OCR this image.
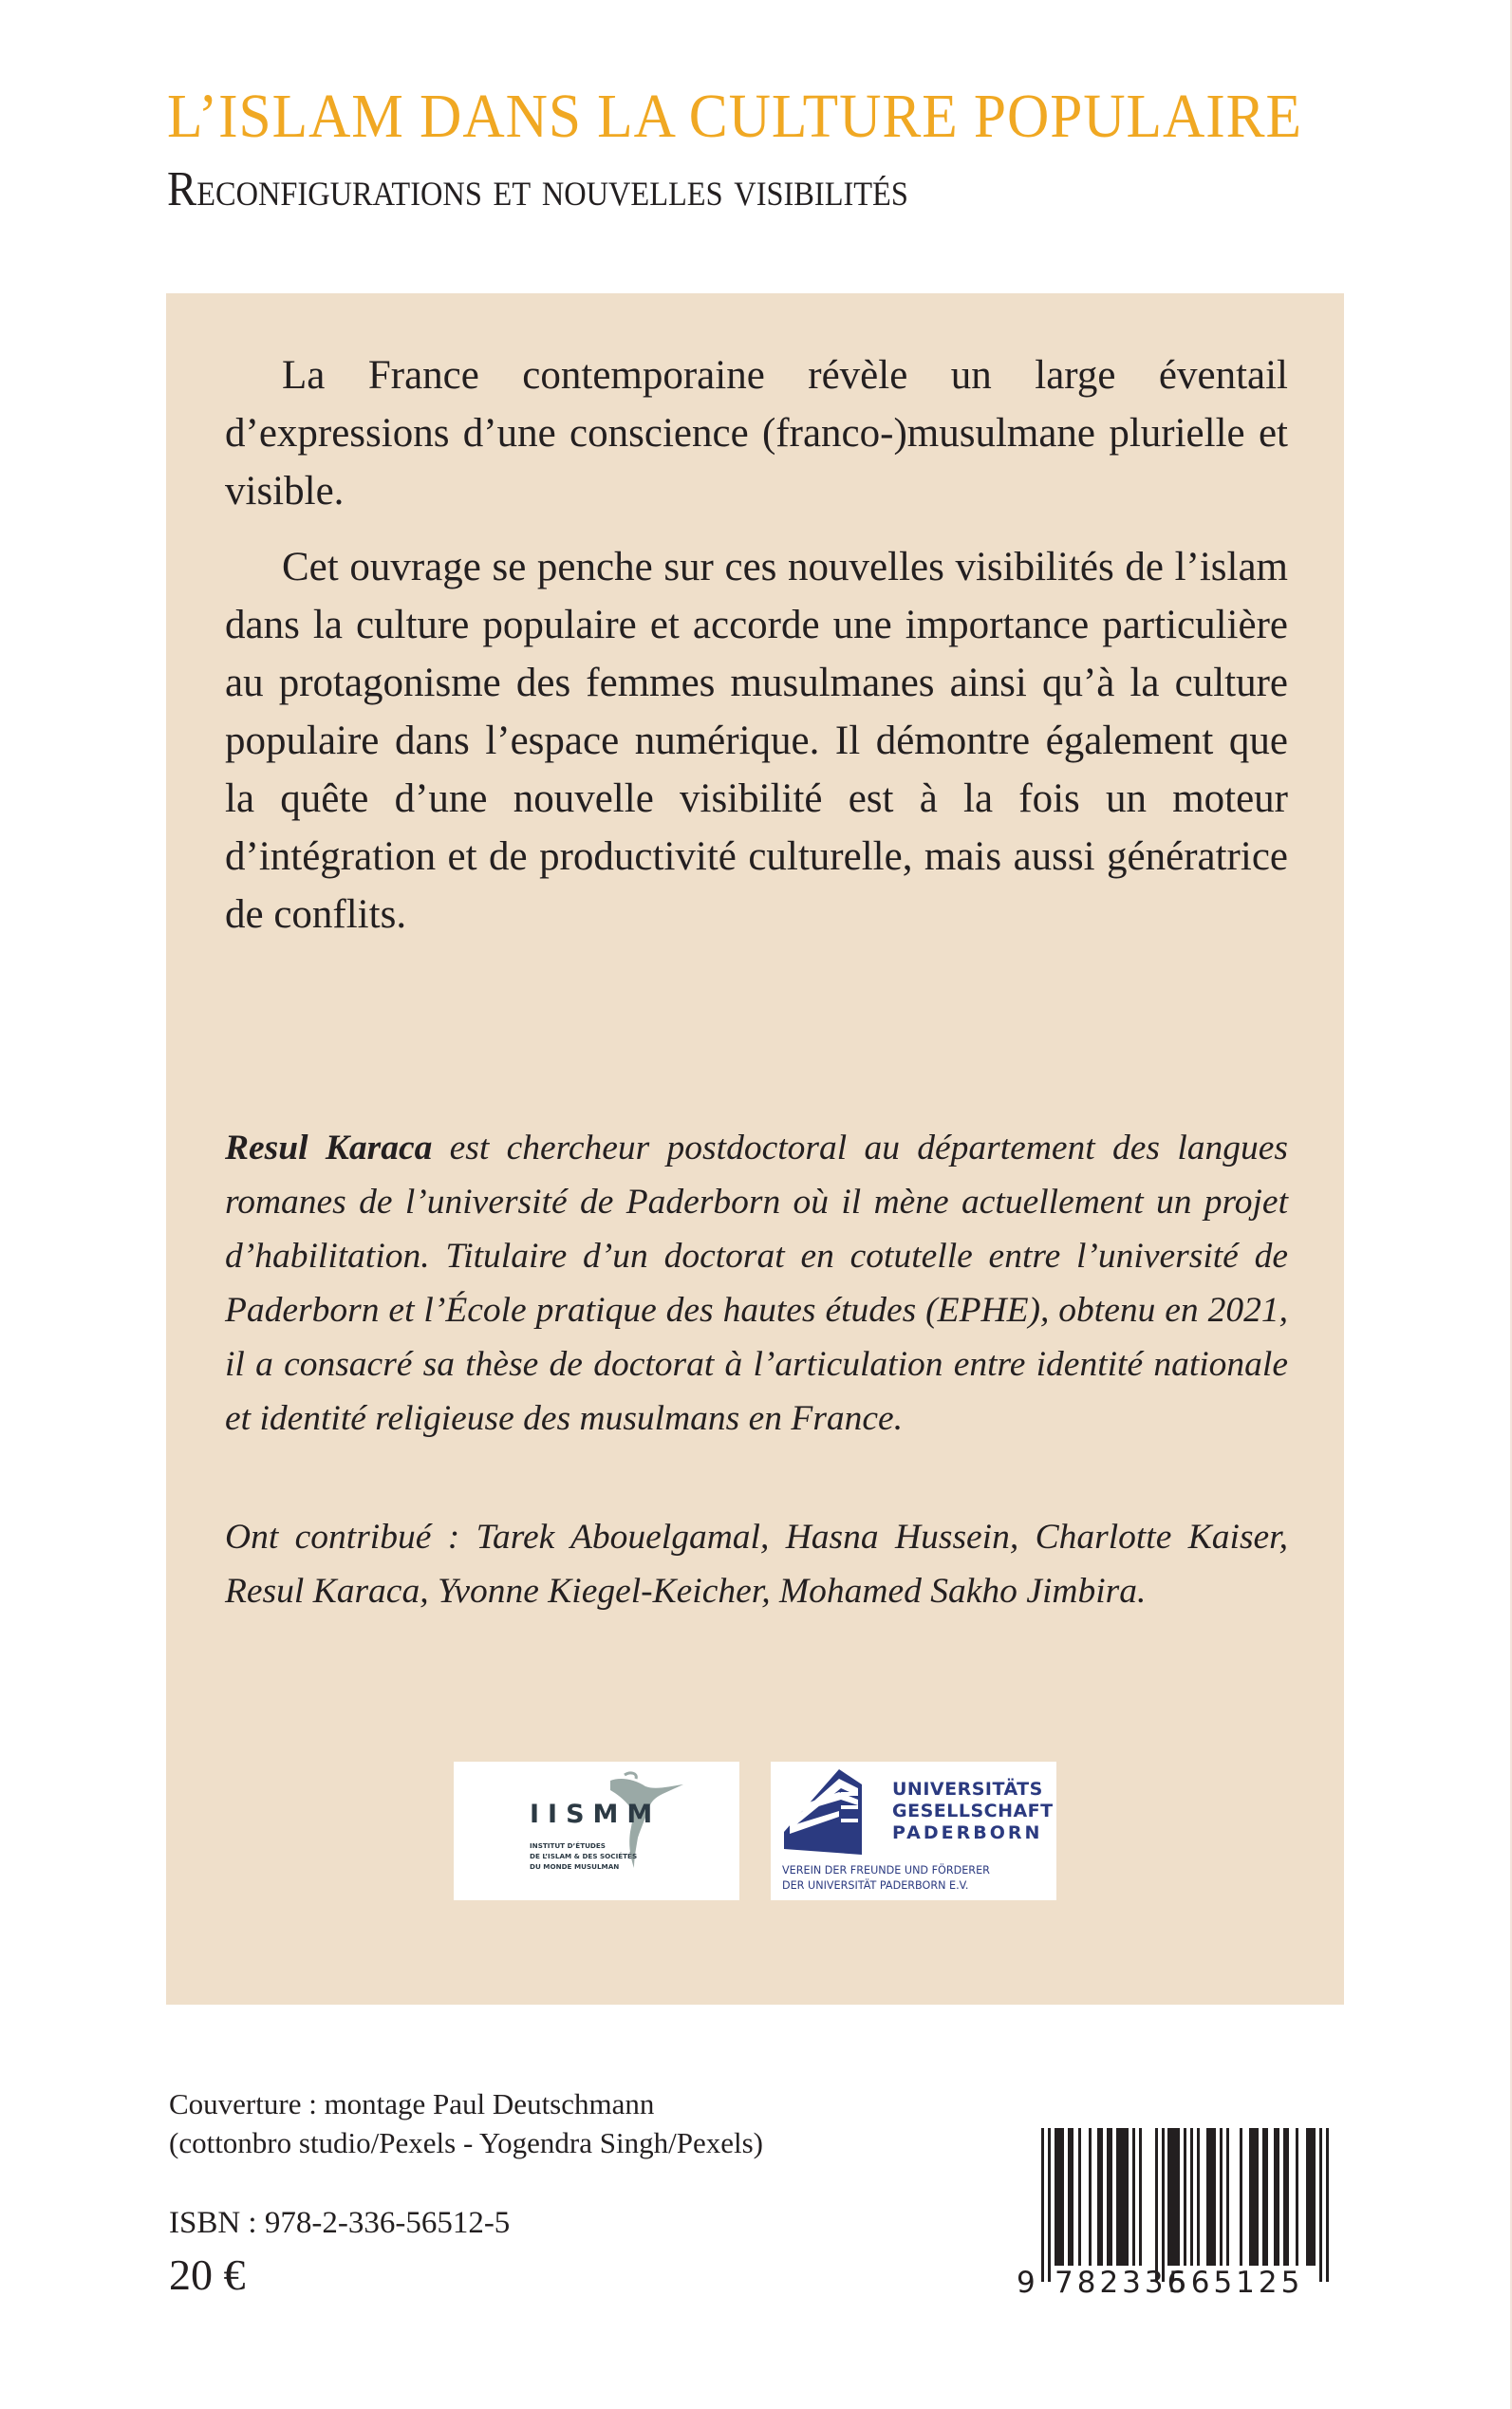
L’ISLAM DANS LA CULTURE POPULAIRE
Reconfigurations et nouvelles visibilités

La France contemporaine révèle un large éventail d’expressions d’une conscience (franco-)musulmane plurielle et visible.

Cet ouvrage se penche sur ces nouvelles visibilités de l’islam dans la culture populaire et accorde une importance particulière au protagonisme des femmes musulmanes ainsi qu’à la culture populaire dans l’espace numérique. Il démontre également que la quête d’une nouvelle visibilité est à la fois un moteur d’intégration et de productivité culturelle, mais aussi génératrice de conflits.

Resul Karaca est chercheur postdoctoral au département des langues romanes de l’université de Paderborn où il mène actuellement un projet d’habilitation. Titulaire d’un doctorat en cotutelle entre l’université de Paderborn et l’École pratique des hautes études (EPHE), obtenu en 2021, il a consacré sa thèse de doctorat à l’articulation entre identité nationale et identité religieuse des musulmans en France.
Ont contribué : Tarek Abouelgamal, Hasna Hussein, Charlotte Kaiser, Resul Karaca, Yvonne Kiegel-Keicher, Mohamed Sakho Jimbira.
IISMM
INSTITUT D’ÉTUDES
DE L’ISLAM & DES SOCIÉTÉS
DU MONDE MUSULMAN
UNIVERSITÄTS
GESELLSCHAFT
PADERBORN
VEREIN DER FREUNDE UND FÖRDERER
DER UNIVERSITÄT PADERBORN E.V.
Couverture : montage Paul Deutschmann
(cottonbro studio/Pexels - Yogendra Singh/Pexels)
ISBN : 978-2-336-56512-5
20 €	9 782336
565125
